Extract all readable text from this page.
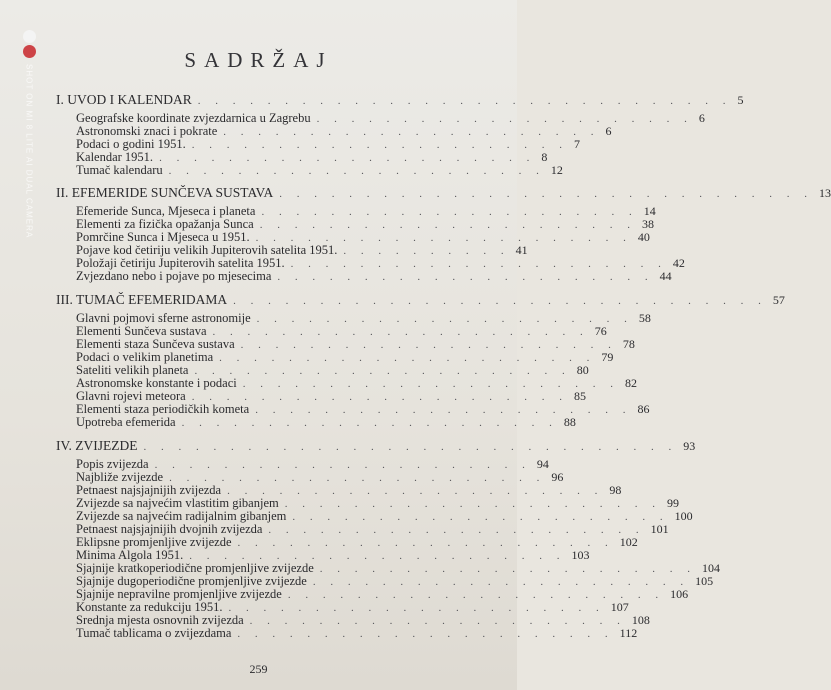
SHOT ON MI 8 LITE AI DUAL CAMERA
SADRŽAJ
I. UVOD I KALENDAR . . . . . . . . . . . . . . . . . . . . . . . . . . . . . . . 5
Geografske koordinate zvjezdarnica u Zagrebu . . . . . . . . . . . . . . . . . . . . . . 6
Astronomski znaci i pokrate . . . . . . . . . . . . . . . . . . . . . . 6
Podaci o godini 1951. . . . . . . . . . . . . . . . . . . . . . . 7
Kalendar 1951. . . . . . . . . . . . . . . . . . . . . . . 8
Tumač kalendaru . . . . . . . . . . . . . . . . . . . . . . 12
II. EFEMERIDE SUNČEVA SUSTAVA . . . . . . . . . . . . . . . . . . . . . . . . . . . . . . . 13
Efemeride Sunca, Mjeseca i planeta . . . . . . . . . . . . . . . . . . . . . . 14
Elementi za fizička opažanja Sunca . . . . . . . . . . . . . . . . . . . . . . 38
Pomrčine Sunca i Mjeseca u 1951. . . . . . . . . . . . . . . . . . . . . . . 40
Pojave kod četiriju velikih Jupiterovih satelita 1951. . . . . . . . . . . 41
Položaji četiriju Jupiterovih satelita 1951. . . . . . . . . . . . . . . . . . . . . . . 42
Zvjezdano nebo i pojave po mjesecima . . . . . . . . . . . . . . . . . . . . . . 44
III. TUMAČ EFEMERIDAMA . . . . . . . . . . . . . . . . . . . . . . . . . . . . . . . 57
Glavni pojmovi sferne astronomije . . . . . . . . . . . . . . . . . . . . . . 58
Elementi Sunčeva sustava . . . . . . . . . . . . . . . . . . . . . . 76
Elementi staza Sunčeva sustava . . . . . . . . . . . . . . . . . . . . . . 78
Podaci o velikim planetima . . . . . . . . . . . . . . . . . . . . . . 79
Sateliti velikih planeta . . . . . . . . . . . . . . . . . . . . . . 80
Astronomske konstante i podaci . . . . . . . . . . . . . . . . . . . . . . 82
Glavni rojevi meteora . . . . . . . . . . . . . . . . . . . . . . 85
Elementi staza periodičkih kometa . . . . . . . . . . . . . . . . . . . . . . 86
Upotreba efemerida . . . . . . . . . . . . . . . . . . . . . . 88
IV. ZVIJEZDE . . . . . . . . . . . . . . . . . . . . . . . . . . . . . . . 93
Popis zvijezda . . . . . . . . . . . . . . . . . . . . . . 94
Najbliže zvijezde . . . . . . . . . . . . . . . . . . . . . . 96
Petnaest najsjajnijih zvijezda . . . . . . . . . . . . . . . . . . . . . . 98
Zvijezde sa najvećim vlastitim gibanjem . . . . . . . . . . . . . . . . . . . . . . 99
Zvijezde sa najvećim radijalnim gibanjem . . . . . . . . . . . . . . . . . . . . . . 100
Petnaest najsjajnijih dvojnih zvijezda . . . . . . . . . . . . . . . . . . . . . . 101
Eklipsne promjenljive zvijezde . . . . . . . . . . . . . . . . . . . . . . 102
Minima Algola 1951. . . . . . . . . . . . . . . . . . . . . . . 103
Sjajnije kratkoperiodične promjenljive zvijezde . . . . . . . . . . . . . . . . . . . . . . 104
Sjajnije dugoperiodične promjenljive zvijezde . . . . . . . . . . . . . . . . . . . . . . 105
Sjajnije nepravilne promjenljive zvijezde . . . . . . . . . . . . . . . . . . . . . . 106
Konstante za redukciju 1951. . . . . . . . . . . . . . . . . . . . . . . 107
Srednja mjesta osnovnih zvijezda . . . . . . . . . . . . . . . . . . . . . . 108
Tumač tablicama o zvijezdama . . . . . . . . . . . . . . . . . . . . . . 112
259
